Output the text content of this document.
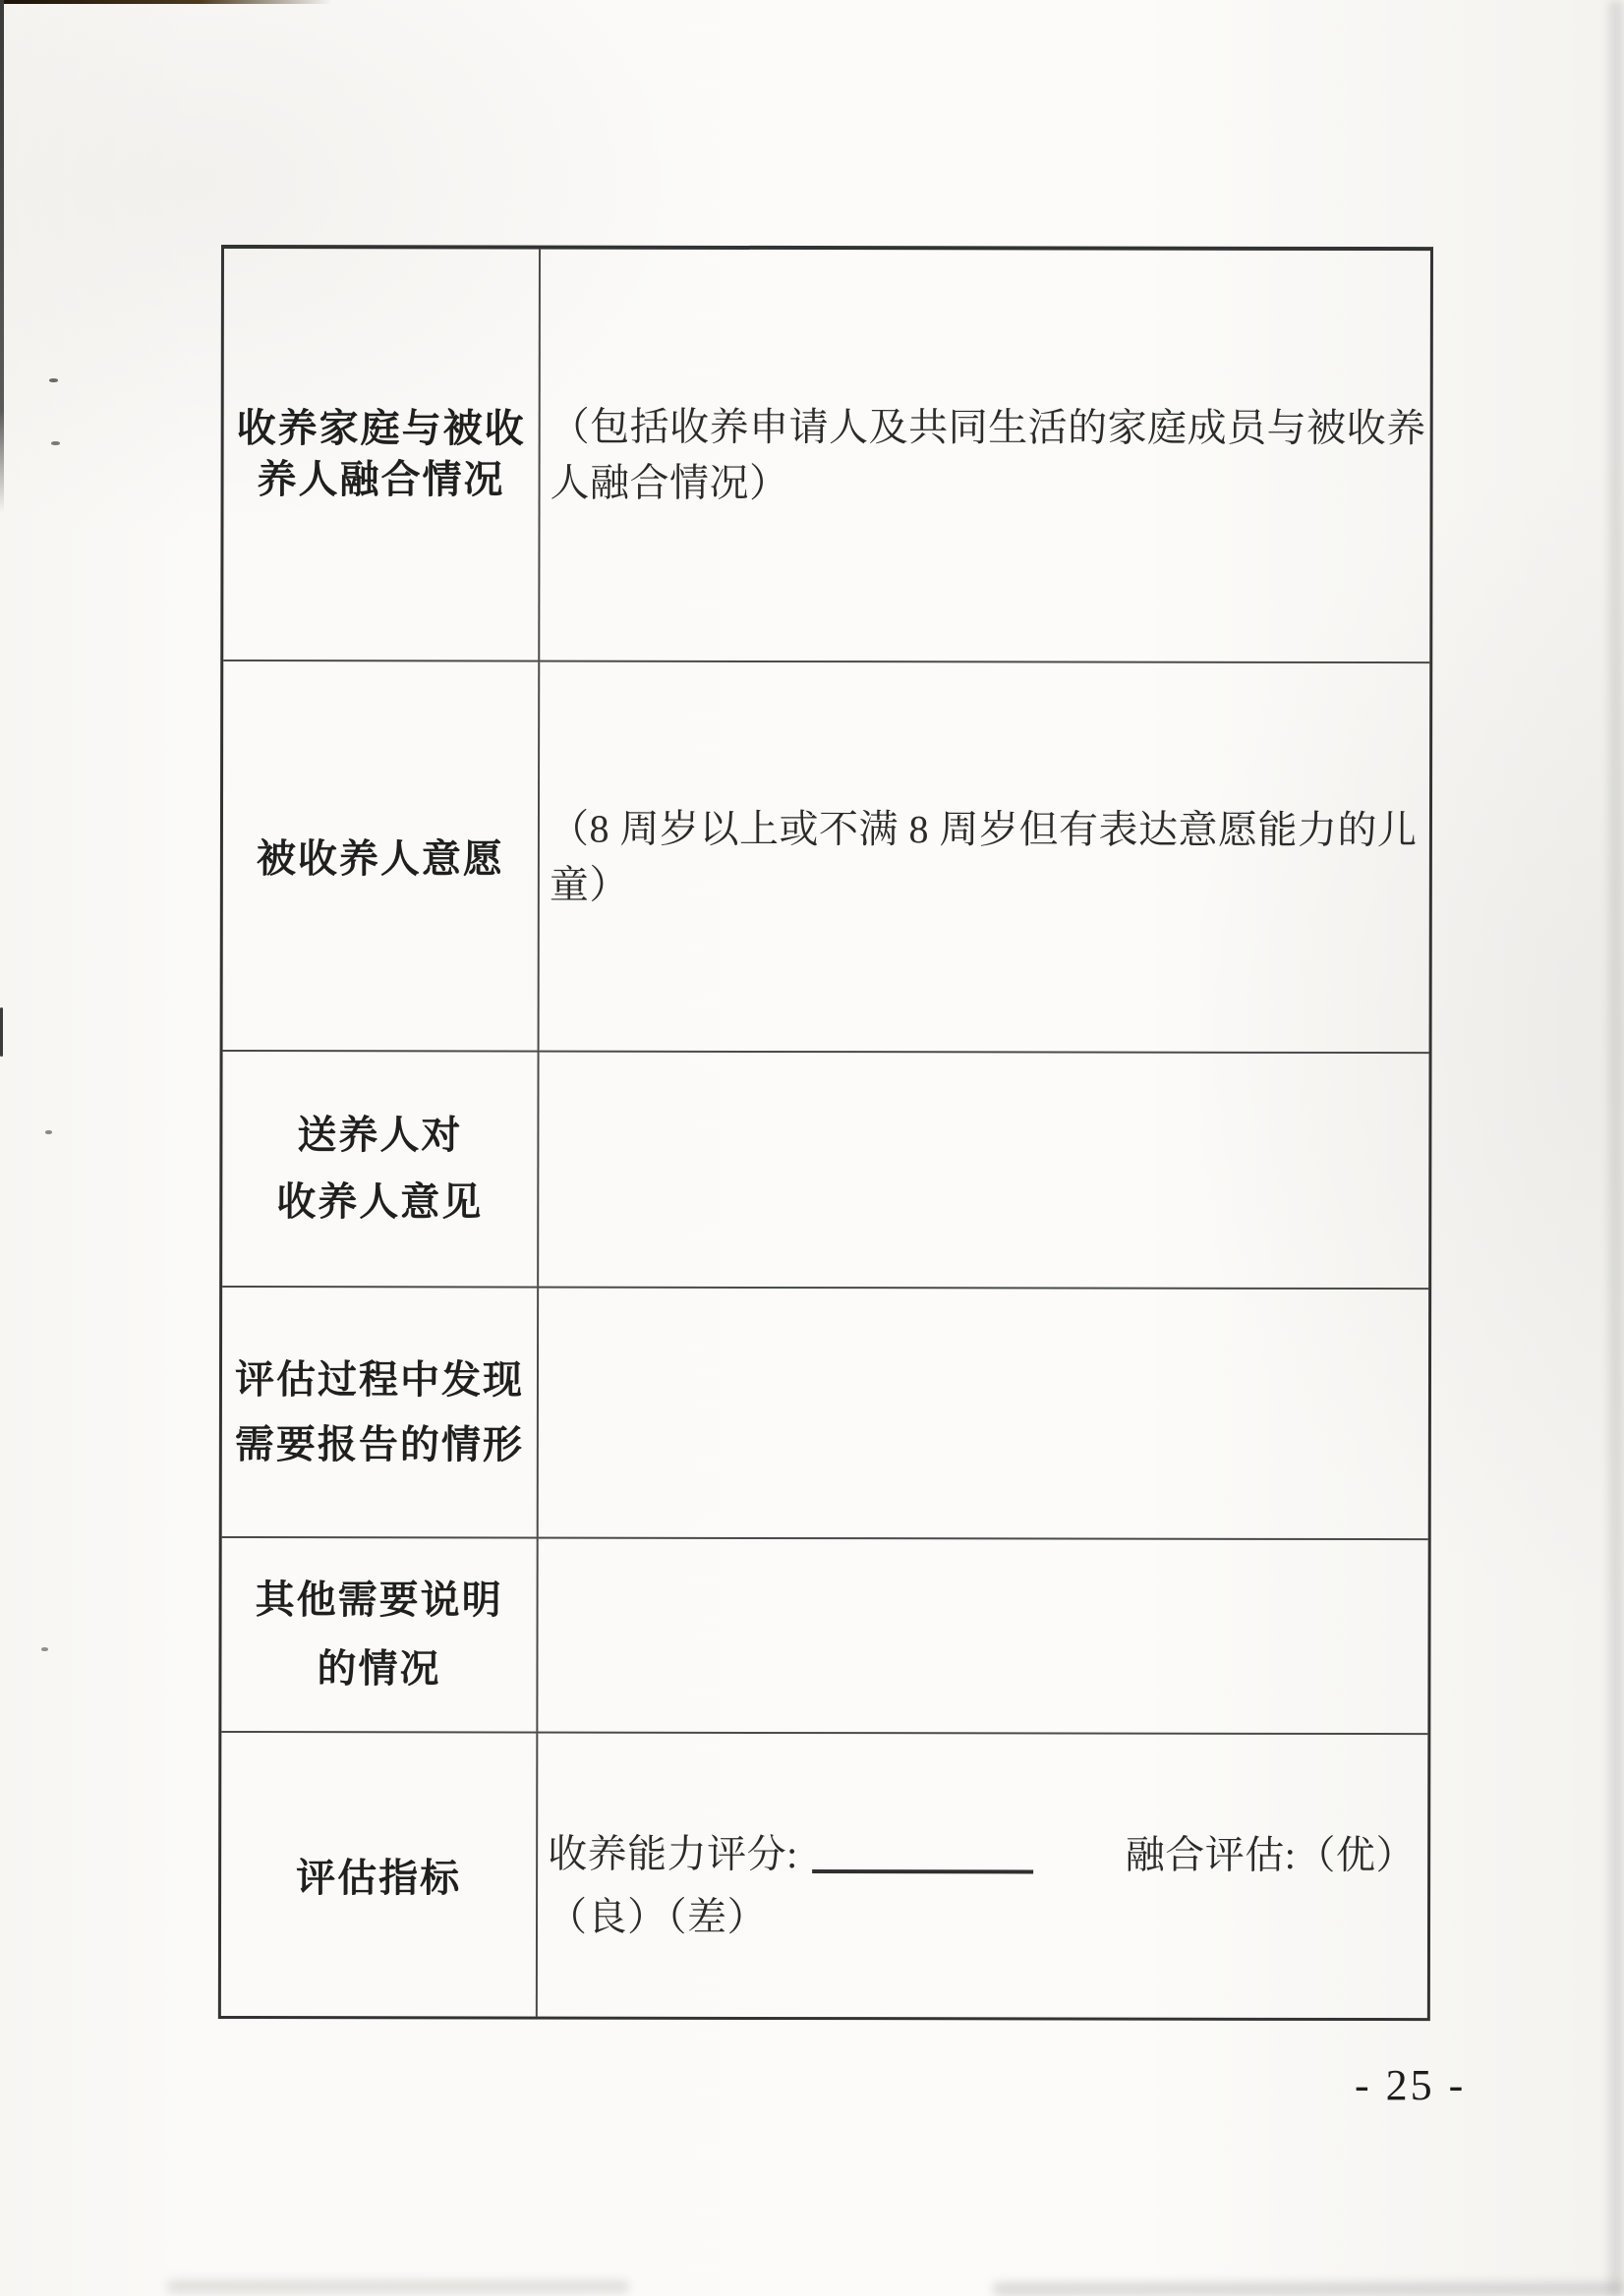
收养家庭与被收
养人融合情况
（包括收养申请人及共同生活的家庭成员与被收养
人融合情况）
被收养人意愿
（8 周岁以上或不满 8 周岁但有表达意愿能力的儿
童）
送养人对
收养人意见
评估过程中发现
需要报告的情形
其他需要说明
的情况
评估指标
收养能力评分:	融合评估:（优）
（良）（差）
- 25 -
